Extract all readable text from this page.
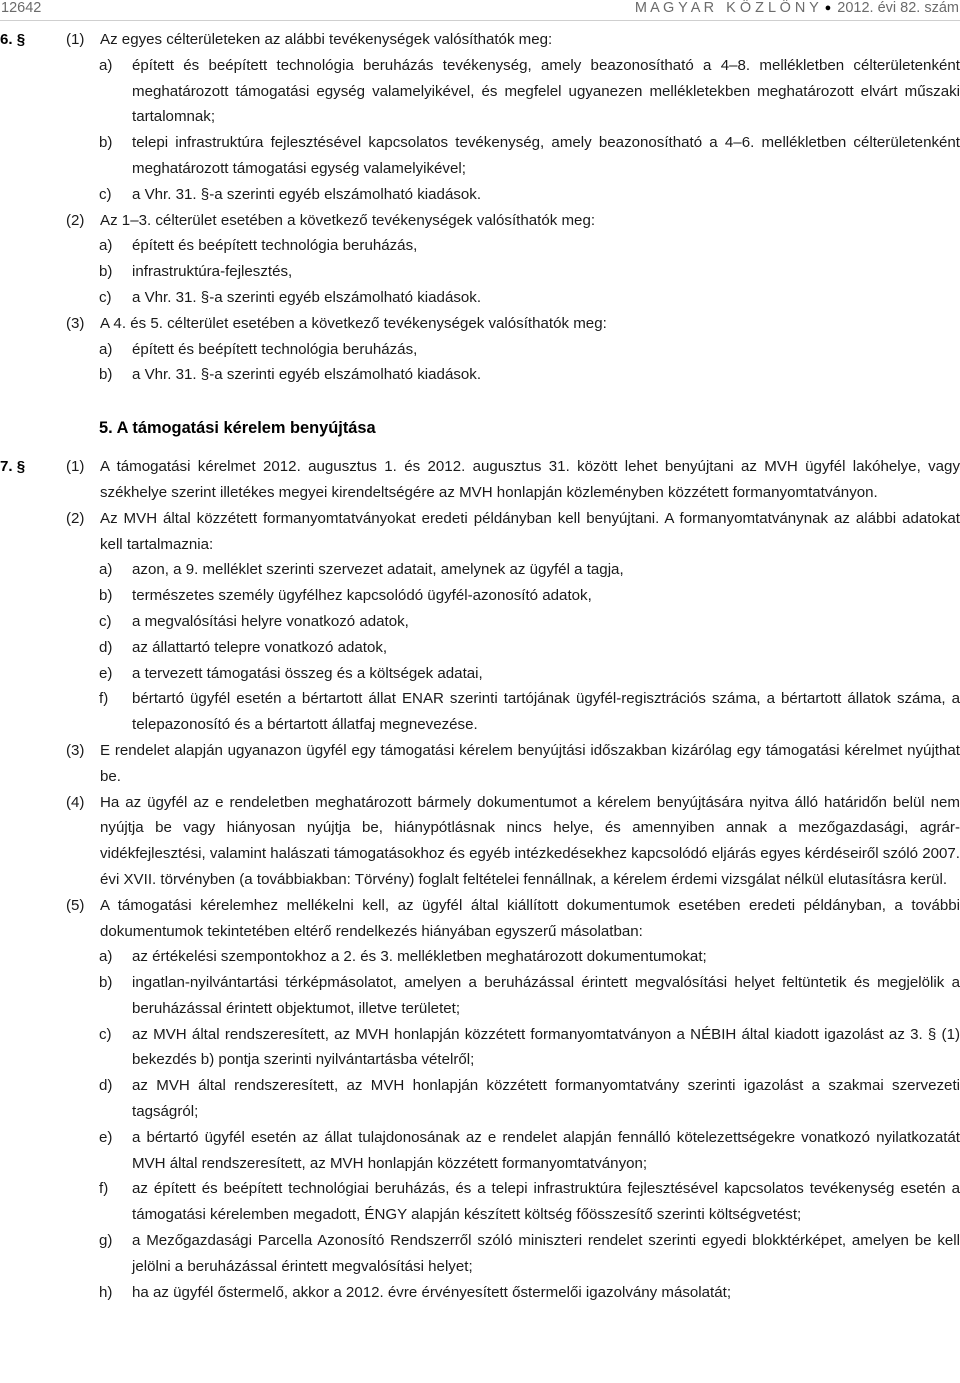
12642	M A G Y A R   K Ö Z L Ö N Y ● 2012. évi 82. szám
6. §	(1)	Az egyes célterületeken az alábbi tevékenységek valósíthatók meg:
a)	épített és beépített technológia beruházás tevékenység, amely beazonosítható a 4–8. mellékletben célterületenként meghatározott támogatási egység valamelyikével, és megfelel ugyanezen mellékletekben meghatározott elvárt műszaki tartalomnak;
b)	telepi infrastruktúra fejlesztésével kapcsolatos tevékenység, amely beazonosítható a 4–6. mellékletben célterületenként meghatározott támogatási egység valamelyikével;
c)	a Vhr. 31. §-a szerinti egyéb elszámolható kiadások.
(2)	Az 1–3. célterület esetében a következő tevékenységek valósíthatók meg:
a)	épített és beépített technológia beruházás,
b)	infrastruktúra-fejlesztés,
c)	a Vhr. 31. §-a szerinti egyéb elszámolható kiadások.
(3)	A 4. és 5. célterület esetében a következő tevékenységek valósíthatók meg:
a)	épített és beépített technológia beruházás,
b)	a Vhr. 31. §-a szerinti egyéb elszámolható kiadások.
5. A támogatási kérelem benyújtása
7. §	(1)	A támogatási kérelmet 2012. augusztus 1. és 2012. augusztus 31. között lehet benyújtani az MVH ügyfél lakóhelye, vagy székhelye szerint illetékes megyei kirendeltségére az MVH honlapján közleményben közzétett formanyomtatványon.
(2)	Az MVH által közzétett formanyomtatványokat eredeti példányban kell benyújtani. A formanyomtatványnak az alábbi adatokat kell tartalmaznia:
a)	azon, a 9. melléklet szerinti szervezet adatait, amelynek az ügyfél a tagja,
b)	természetes személy ügyfélhez kapcsolódó ügyfél-azonosító adatok,
c)	a megvalósítási helyre vonatkozó adatok,
d)	az állattartó telepre vonatkozó adatok,
e)	a tervezett támogatási összeg és a költségek adatai,
f)	bértartó ügyfél esetén a bértartott állat ENAR szerinti tartójának ügyfél-regisztrációs száma, a bértartott állatok száma, a telepazonosító és a bértartott állatfaj megnevezése.
(3)	E rendelet alapján ugyanazon ügyfél egy támogatási kérelem benyújtási időszakban kizárólag egy támogatási kérelmet nyújthat be.
(4)	Ha az ügyfél az e rendeletben meghatározott bármely dokumentumot a kérelem benyújtására nyitva álló határidőn belül nem nyújtja be vagy hiányosan nyújtja be, hiánypótlásnak nincs helye, és amennyiben annak a mezőgazdasági, agrár-vidékfejlesztési, valamint halászati támogatásokhoz és egyéb intézkedésekhez kapcsolódó eljárás egyes kérdéseiről szóló 2007. évi XVII. törvényben (a továbbiakban: Törvény) foglalt feltételei fennállnak, a kérelem érdemi vizsgálat nélkül elutasításra kerül.
(5)	A támogatási kérelemhez mellékelni kell, az ügyfél által kiállított dokumentumok esetében eredeti példányban, a további dokumentumok tekintetében eltérő rendelkezés hiányában egyszerű másolatban:
a)	az értékelési szempontokhoz a 2. és 3. mellékletben meghatározott dokumentumokat;
b)	ingatlan-nyilvántartási térképmásolatot, amelyen a beruházással érintett megvalósítási helyet feltüntetik és megjelölik a beruházással érintett objektumot, illetve területet;
c)	az MVH által rendszeresített, az MVH honlapján közzétett formanyomtatványon a NÉBIH által kiadott igazolást az 3. § (1) bekezdés b) pontja szerinti nyilvántartásba vételről;
d)	az MVH által rendszeresített, az MVH honlapján közzétett formanyomtatvány szerinti igazolást a szakmai szervezeti tagságról;
e)	a bértartó ügyfél esetén az állat tulajdonosának az e rendelet alapján fennálló kötelezettségekre vonatkozó nyilatkozatát MVH által rendszeresített, az MVH honlapján közzétett formanyomtatványon;
f)	az épített és beépített technológiai beruházás, és a telepi infrastruktúra fejlesztésével kapcsolatos tevékenység esetén a támogatási kérelemben megadott, ÉNGY alapján készített költség főösszesítő szerinti költségvetést;
g)	a Mezőgazdasági Parcella Azonosító Rendszerről szóló miniszteri rendelet szerinti egyedi blokktérképet, amelyen be kell jelölni a beruházással érintett megvalósítási helyet;
h)	ha az ügyfél őstermelő, akkor a 2012. évre érvényesített őstermelői igazolvány másolatát;
